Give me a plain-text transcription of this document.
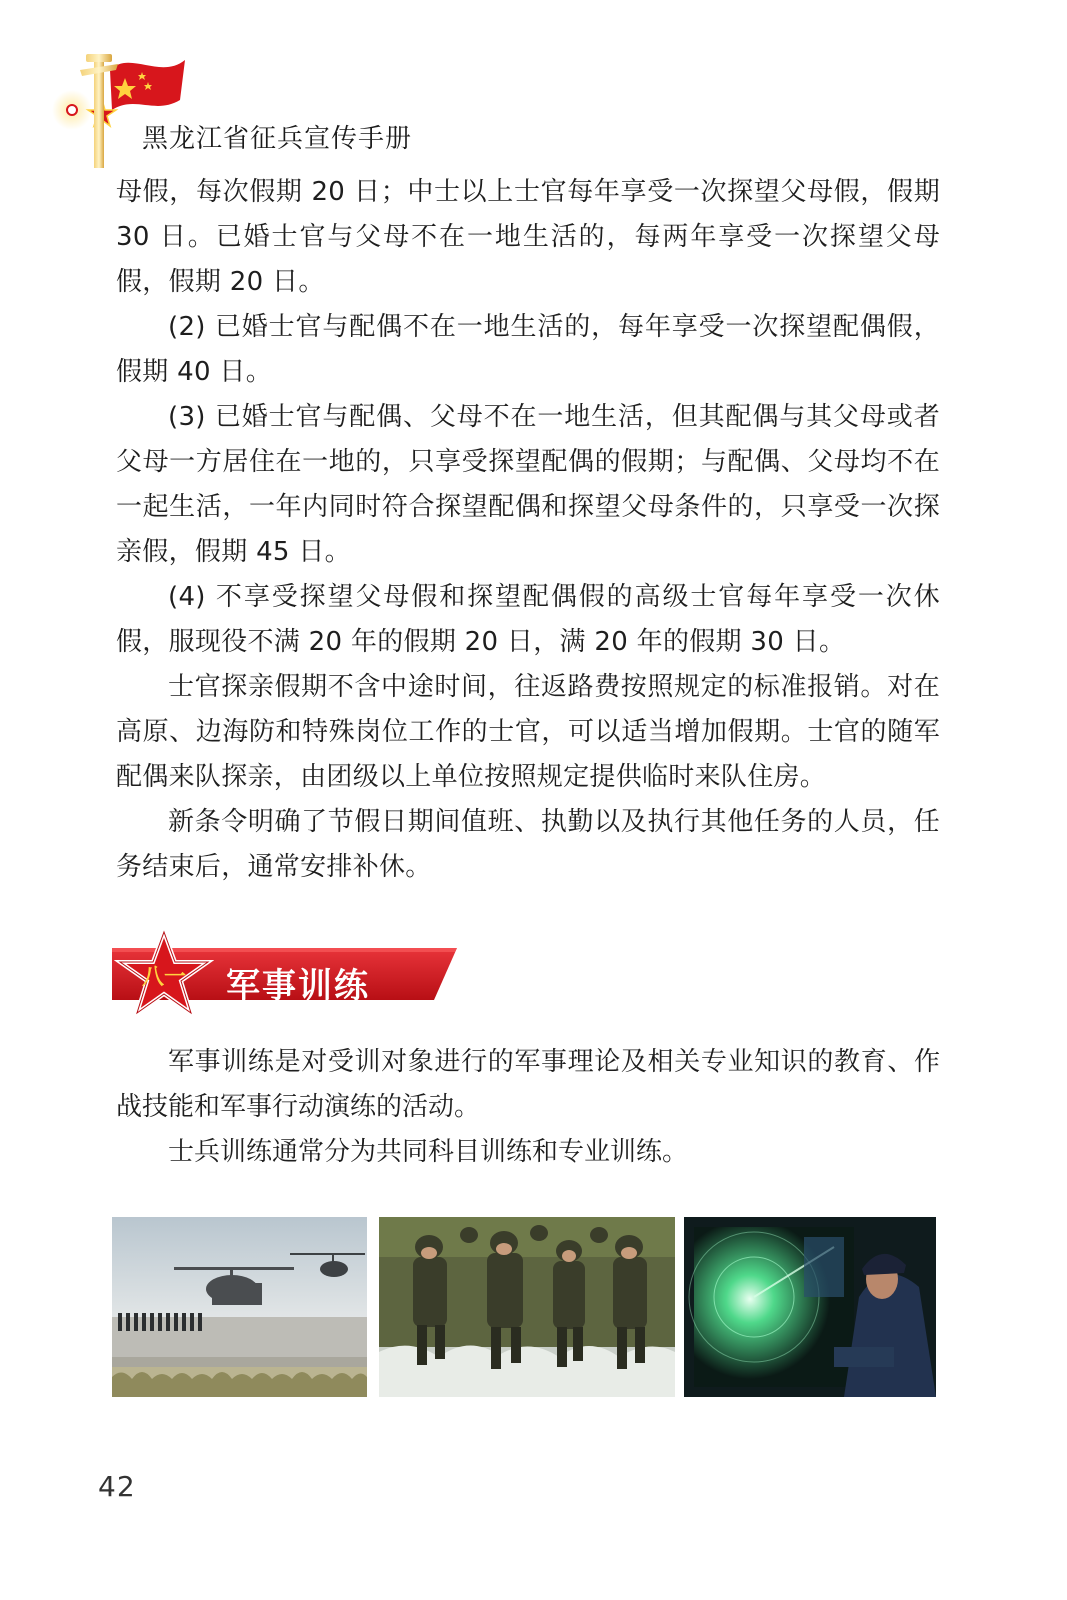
黑龙江省征兵宣传手册

母假，每次假期 20 日；中士以上士官每年享受一次探望父母假，假期 30 日。已婚士官与父母不在一地生活的，每两年享受一次探望父母假，假期 20 日。

(2) 已婚士官与配偶不在一地生活的，每年享受一次探望配偶假，假期 40 日。

(3) 已婚士官与配偶、父母不在一地生活，但其配偶与其父母或者父母一方居住在一地的，只享受探望配偶的假期；与配偶、父母均不在一起生活，一年内同时符合探望配偶和探望父母条件的，只享受一次探亲假，假期 45 日。

(4) 不享受探望父母假和探望配偶假的高级士官每年享受一次休假，服现役不满 20 年的假期 20 日，满 20 年的假期 30 日。

士官探亲假期不含中途时间，往返路费按照规定的标准报销。对在高原、边海防和特殊岗位工作的士官，可以适当增加假期。士官的随军配偶来队探亲，由团级以上单位按照规定提供临时来队住房。

新条令明确了节假日期间值班、执勤以及执行其他任务的人员，任务结束后，通常安排补休。

八一 军事训练

军事训练是对受训对象进行的军事理论及相关专业知识的教育、作战技能和军事行动演练的活动。

士兵训练通常分为共同科目训练和专业训练。

42
